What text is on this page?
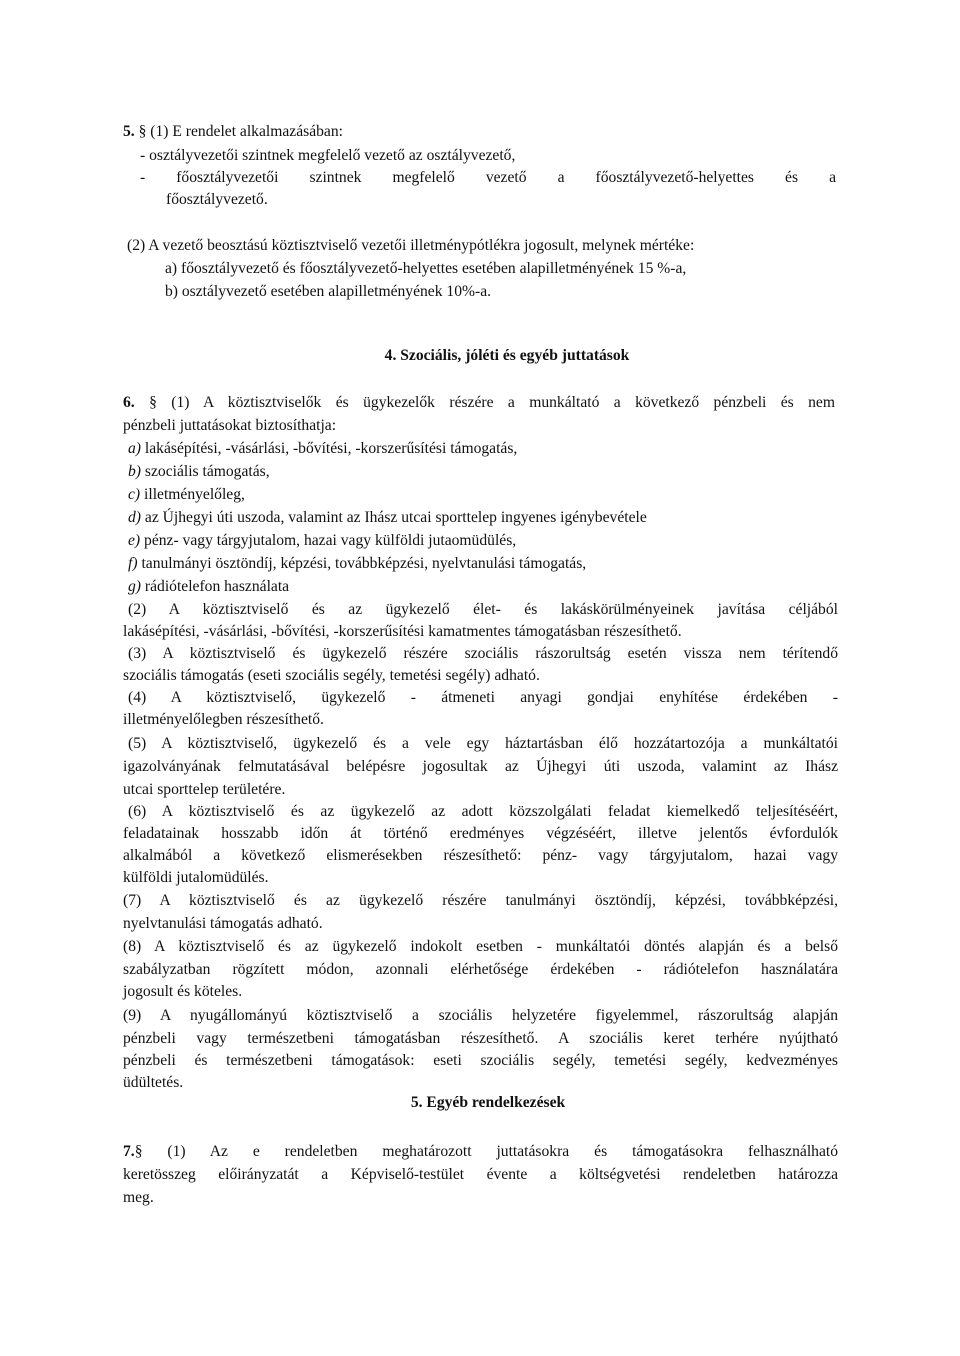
5. § (1) E rendelet alkalmazásában:
- osztályvezetői szintnek megfelelő vezető az osztályvezető,
- főosztályvezetői szintnek megfelelő vezető a főosztályvezető-helyettes és a
főosztályvezető.
(2) A vezető beosztású köztisztviselő vezetői illetménypótlékra jogosult, melynek mértéke:
a) főosztályvezető és főosztályvezető-helyettes esetében alapilletményének 15 %-a,
b) osztályvezető esetében alapilletményének 10%-a.
4. Szociális, jóléti és egyéb juttatások
6. § (1) A köztisztviselők és ügykezelők részére a munkáltató a következő pénzbeli és nem
pénzbeli juttatásokat biztosíthatja:
a) lakásépítési, -vásárlási, -bővítési, -korszerűsítési támogatás,
b) szociális támogatás,
c) illetményelőleg,
d) az Újhegyi úti uszoda, valamint az Ihász utcai sporttelep ingyenes igénybevétele
e) pénz- vagy tárgyjutalom, hazai vagy külföldi jutaomüdülés,
f) tanulmányi ösztöndíj, képzési, továbbképzési, nyelvtanulási támogatás,
g) rádiótelefon használata
(2) A köztisztviselő és az ügykezelő élet- és lakáskörülményeinek javítása céljából
lakásépítési, -vásárlási, -bővítési, -korszerűsítési kamatmentes támogatásban részesíthető.
(3) A köztisztviselő és ügykezelő részére szociális rászorultság esetén vissza nem térítendő
szociális támogatás (eseti szociális segély, temetési segély) adható.
(4) A köztisztviselő, ügykezelő - átmeneti anyagi gondjai enyhítése érdekében -
illetményelőlegben részesíthető.
(5) A köztisztviselő, ügykezelő és a vele egy háztartásban élő hozzátartozója a munkáltatói
igazolványának felmutatásával belépésre jogosultak az Újhegyi úti uszoda, valamint az Ihász
utcai sporttelep területére.
(6) A köztisztviselő és az ügykezelő az adott közszolgálati feladat kiemelkedő teljesítéséért,
feladatainak hosszabb időn át történő eredményes végzéséért, illetve jelentős évfordulók
alkalmából a következő elismerésekben részesíthető: pénz- vagy tárgyjutalom, hazai vagy
külföldi jutalomüdülés.
(7) A köztisztviselő és az ügykezelő részére tanulmányi ösztöndíj, képzési, továbbképzési,
nyelvtanulási támogatás adható.
(8) A köztisztviselő és az ügykezelő indokolt esetben - munkáltatói döntés alapján és a belső
szabályzatban rögzített módon, azonnali elérhetősége érdekében - rádiótelefon használatára
jogosult és köteles.
(9) A nyugállományú köztisztviselő a szociális helyzetére figyelemmel, rászorultság alapján
pénzbeli vagy természetbeni támogatásban részesíthető. A szociális keret terhére nyújtható
pénzbeli és természetbeni támogatások: eseti szociális segély, temetési segély, kedvezményes
üdültetés.
5. Egyéb rendelkezések
7.§ (1) Az e rendeletben meghatározott juttatásokra és támogatásokra felhasználható
keretösszeg előirányzatát a Képviselő-testület évente a költségvetési rendeletben határozza
meg.
